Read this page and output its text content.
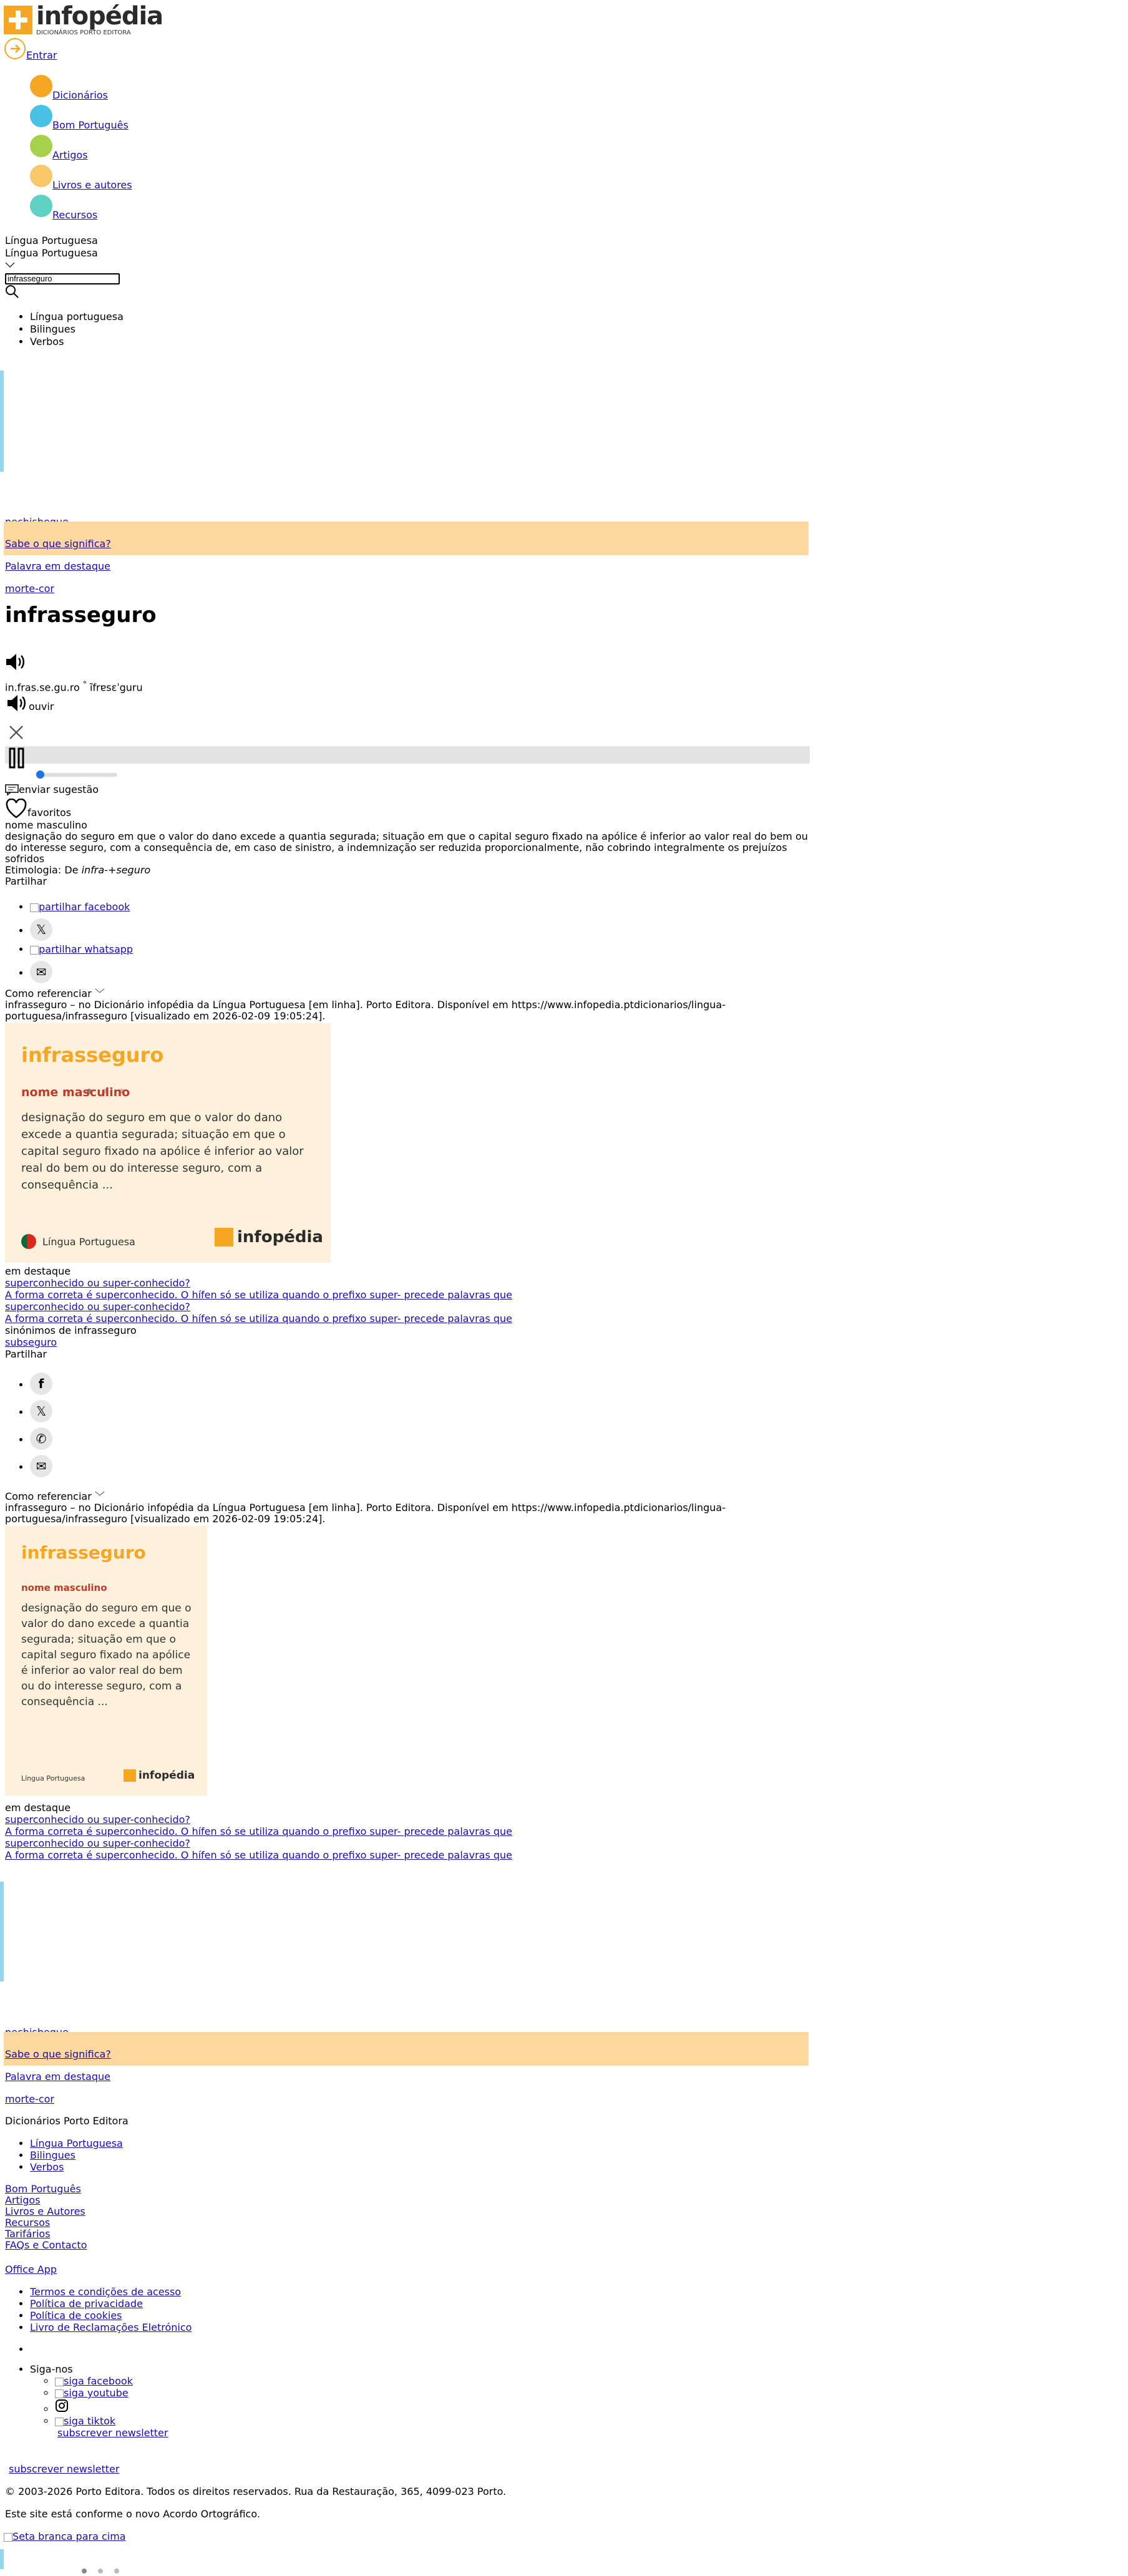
infopédia
DICIONÁRIOS PORTO EDITORA
Entrar
Dicionários
Bom Português
Artigos
Livros e autores
Recursos
Língua Portuguesa
Língua Portuguesa
infrasseguro
• Língua portuguesa
• Bilingues
• Verbos
Sabe o que significa?
Palavra em destaque
morte-cor
infrasseguro
in.fras.se.gu.ro ° ĩfrɐsɛˈguru
ouvir
enviar sugestão
favoritos
nome masculino
designação do seguro em que o valor do dano excede a quantia segurada; situação em que o capital seguro fixado na apólice é inferior ao valor real do bem ou do interesse seguro, com a consequência de, em caso de sinistro, a indemnização ser reduzida proporcionalmente, não cobrindo integralmente os prejuízos sofridos
Etimologia: De infra-+seguro
Partilhar
• partilhar facebook
• 𝕏
• partilhar whatsapp
• ✉
Como referenciar ﹀
infrasseguro – no Dicionário infopédia da Língua Portuguesa [em linha]. Porto Editora. Disponível em https://www.infopedia.ptdicionarios/lingua-
portuguesa/infrasseguro [visualizado em 2026-02-09 19:05:24].
infrasseguro
nome masculino
designação do seguro em que o valor do dano excede a quantia segurada; situação em que o capital seguro fixado na apólice é inferior ao valor real do bem ou do interesse seguro, com a consequência ...
Língua Portuguesa	infopédia
em destaque
superconhecido ou super-conhecido?
A forma correta é superconhecido. O hífen só se utiliza quando o prefixo super- precede palavras que
superconhecido ou super-conhecido?
A forma correta é superconhecido. O hífen só se utiliza quando o prefixo super- precede palavras que
sinónimos de infrasseguro
subseguro
Partilhar
• f
• 𝕏
• ✆
• ✉
Como referenciar ﹀
infrasseguro – no Dicionário infopédia da Língua Portuguesa [em linha]. Porto Editora. Disponível em https://www.infopedia.ptdicionarios/lingua-
portuguesa/infrasseguro [visualizado em 2026-02-09 19:05:24].
infrasseguro
nome masculino
designação do seguro em que o valor do dano excede a quantia segurada; situação em que o capital seguro fixado na apólice é inferior ao valor real do bem ou do interesse seguro, com a consequência ...
Língua Portuguesa	infopédia
em destaque
superconhecido ou super-conhecido?
A forma correta é superconhecido. O hífen só se utiliza quando o prefixo super- precede palavras que
superconhecido ou super-conhecido?
A forma correta é superconhecido. O hífen só se utiliza quando o prefixo super- precede palavras que
Sabe o que significa?
Palavra em destaque
morte-cor
Dicionários Porto Editora
• Língua Portuguesa
• Bilingues
• Verbos
Bom Português
Artigos
Livros e Autores
Recursos
Tarifários
FAQs e Contacto
Office App
• Termos e condições de acesso
• Política de privacidade
• Política de cookies
• Livro de Reclamações Eletrónico
•
• Siga-nos
◦ siga facebook
◦ siga youtube
◦
◦ siga tiktok
subscrever newsletter
subscrever newsletter
© 2003-2026 Porto Editora. Todos os direitos reservados. Rua da Restauração, 365, 4099-023 Porto.
Este site está conforme o novo Acordo Ortográfico.
Seta branca para cima
